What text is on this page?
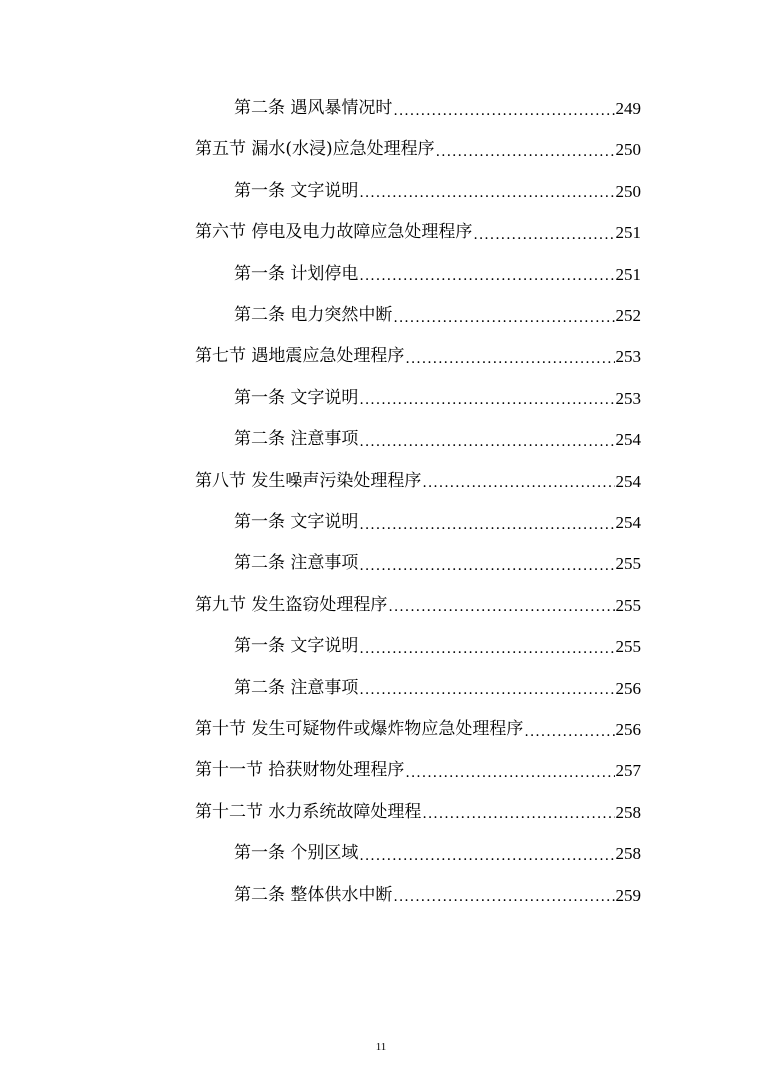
第二条 遇风暴情况时 .....	249
第五节 漏水(水浸)应急处理程序 .....	250
第一条 文字说明 .....	250
第六节 停电及电力故障应急处理程序 .....	251
第一条 计划停电 .....	251
第二条 电力突然中断 .....	252
第七节 遇地震应急处理程序 .....	253
第一条 文字说明 .....	253
第二条 注意事项 .....	254
第八节 发生噪声污染处理程序 .....	254
第一条 文字说明 .....	254
第二条 注意事项 .....	255
第九节 发生盗窃处理程序 .....	255
第一条 文字说明 .....	255
第二条 注意事项 .....	256
第十节 发生可疑物件或爆炸物应急处理程序 .....	256
第十一节 拾获财物处理程序 .....	257
第十二节 水力系统故障处理程 .....	258
第一条 个别区域 .....	258
第二条 整体供水中断 .....	259
11
